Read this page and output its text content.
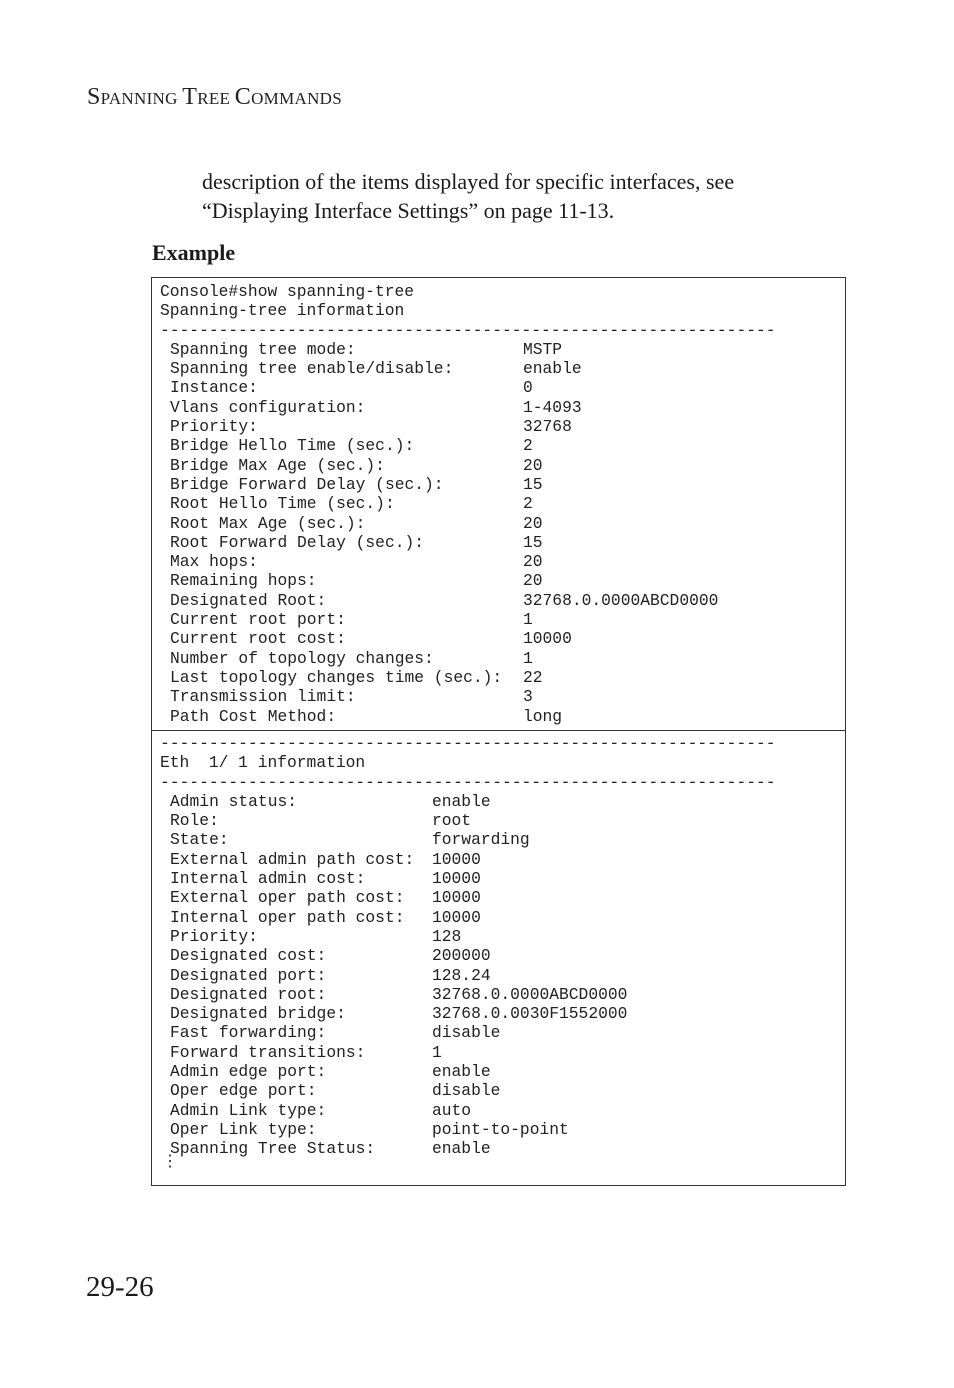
SPANNING TREE COMMANDS

description of the items displayed for specific interfaces, see

“Displaying Interface Settings” on page 11-13.

Example
Console#show spanning-tree
Spanning-tree information
---------------------------------------------------------------
Spanning tree mode:	MSTP
Spanning tree enable/disable:	enable
Instance:	0
Vlans configuration:	1-4093
Priority:	32768
Bridge Hello Time (sec.):	2
Bridge Max Age (sec.):	20
Bridge Forward Delay (sec.):	15
Root Hello Time (sec.):	2
Root Max Age (sec.):	20
Root Forward Delay (sec.):	15
Max hops:	20
Remaining hops:	20
Designated Root:	32768.0.0000ABCD0000
Current root port:	1
Current root cost:	10000
Number of topology changes:	1
Last topology changes time (sec.): 22
Transmission limit:	3
Path Cost Method:	long
---------------------------------------------------------------
Eth  1/ 1 information
---------------------------------------------------------------
Admin status:	enable
Role:	root
State:	forwarding
External admin path cost: 10000
Internal admin cost:	10000
External oper path cost: 10000
Internal oper path cost: 10000
Priority:	128
Designated cost:	200000
Designated port:	128.24
Designated root:	32768.0.0000ABCD0000
Designated bridge:	32768.0.0030F1552000
Fast forwarding:	disable
Forward transitions:	1
Admin edge port:	enable
Oper edge port:	disable
Admin Link type:	auto
Oper Link type:	point-to-point
Spanning Tree Status:	enable
⋮
29-26
